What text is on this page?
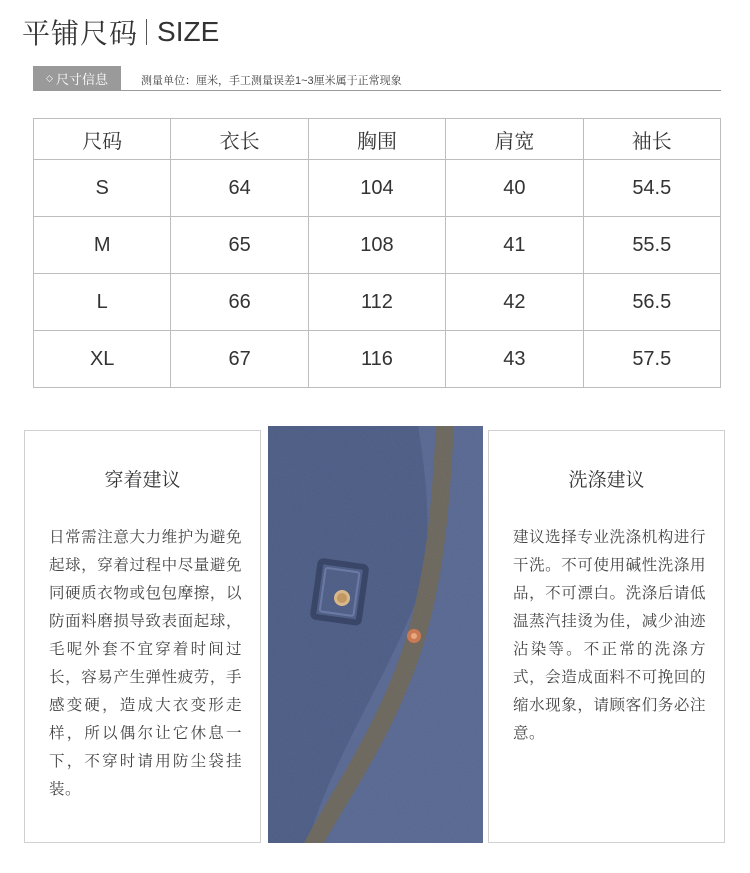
平铺尺码 SIZE
◇ 尺寸信息	测量单位：厘米，手工测量误差1~3厘米属于正常现象
尺码	衣长	胸围	肩宽	袖长
S	64	104	40	54.5
M	65	108	41	55.5
L	66	112	42	56.5
XL	67	116	43	57.5
穿着建议

日常需注意大力维护为避免起球，穿着过程中尽量避免同硬质衣物或包包摩擦，以防面料磨损导致表面起球，毛呢外套不宜穿着时间过长，容易产生弹性疲劳，手感变硬，造成大衣变形走样，所以偶尔让它休息一下，不穿时请用防尘袋挂装。

洗涤建议

建议选择专业洗涤机构进行干洗。不可使用碱性洗涤用品，不可漂白。洗涤后请低温蒸汽挂烫为佳，减少油迹沾染等。不正常的洗涤方式，会造成面料不可挽回的缩水现象，请顾客们务必注意。
